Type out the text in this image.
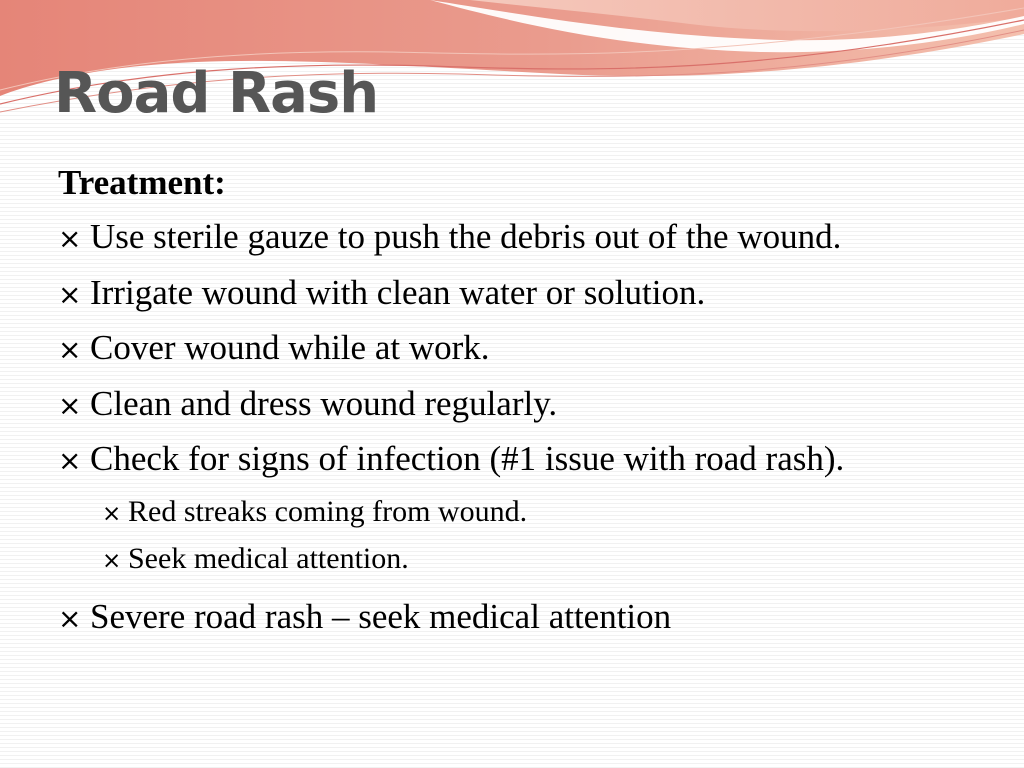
Road Rash

Treatment:

× Use sterile gauze to push the debris out of the wound.
× Irrigate wound with clean water or solution.
× Cover wound while at work.
× Clean and dress wound regularly.
× Check for signs of infection (#1 issue with road rash).
× Red streaks coming from wound.
× Seek medical attention.
× Severe road rash – seek medical attention
